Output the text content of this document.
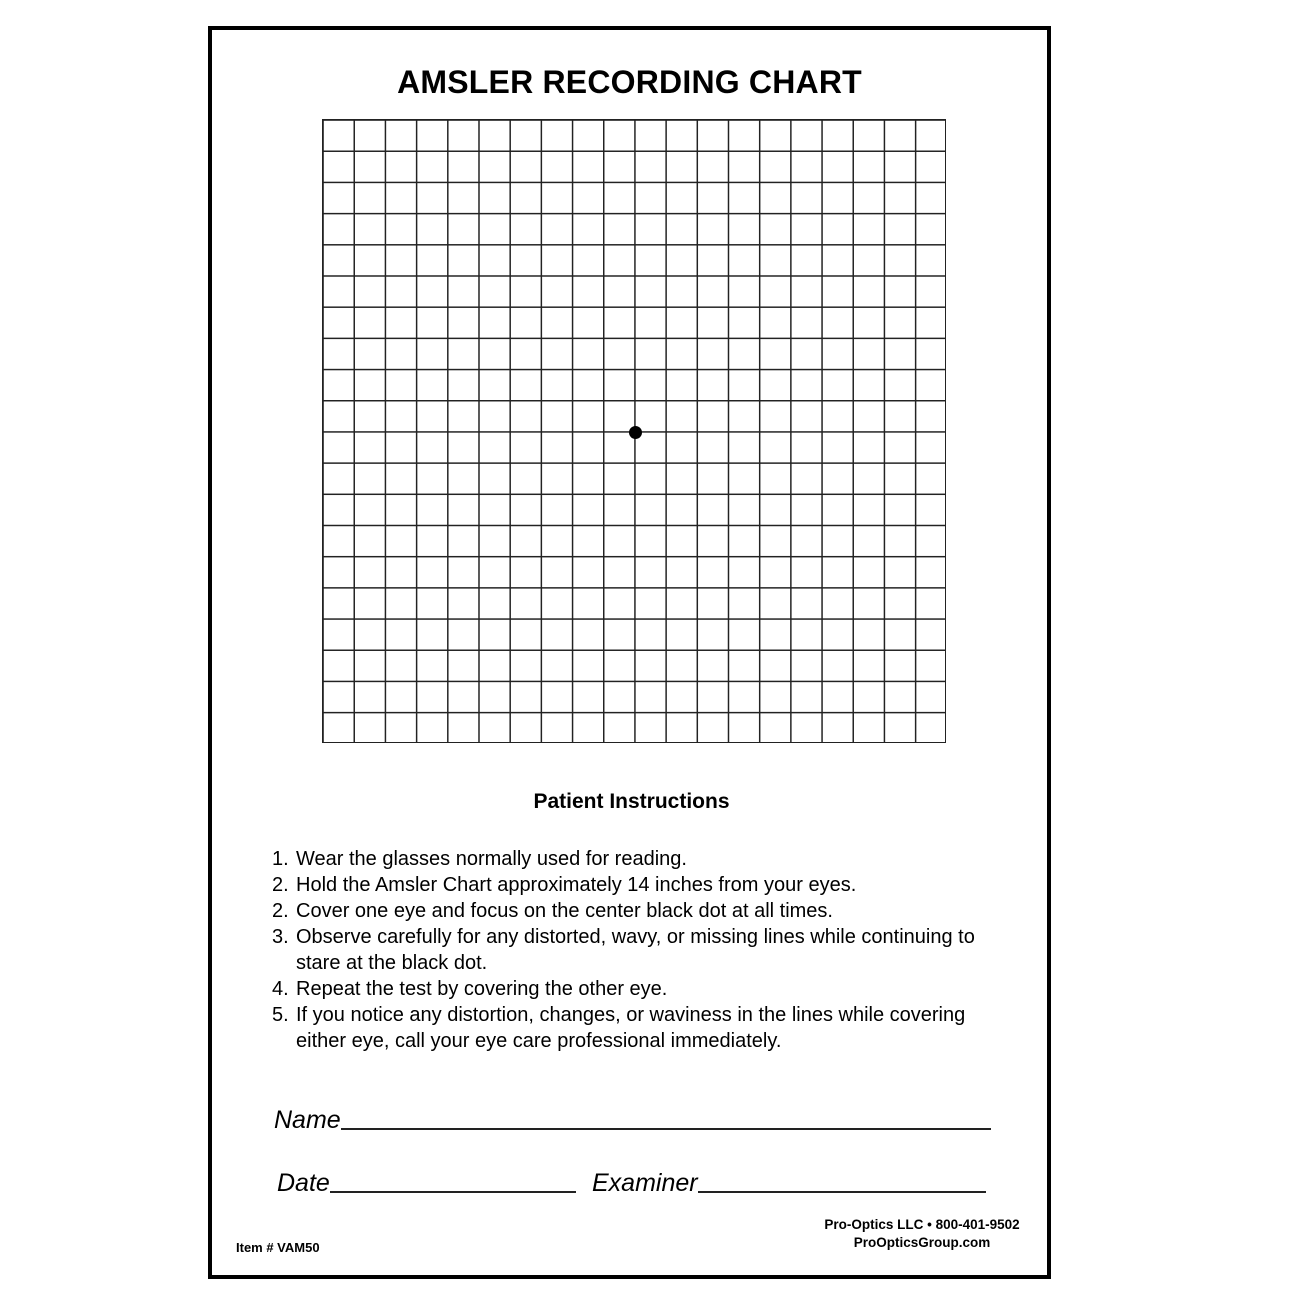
AMSLER RECORDING CHART
Patient Instructions
1. Wear the glasses normally used for reading.
2. Hold the Amsler Chart approximately 14 inches from your eyes.
2. Cover one eye and focus on the center black dot at all times.
3. Observe carefully for any distorted, wavy, or missing lines while continuing to stare at the black dot.
4. Repeat the test by covering the other eye.
5. If you notice any distortion, changes, or waviness in the lines while covering either eye, call your eye care professional immediately.
Name
Date	Examiner
Item # VAM50
Pro-Optics LLC • 800-401-9502
ProOpticsGroup.com
